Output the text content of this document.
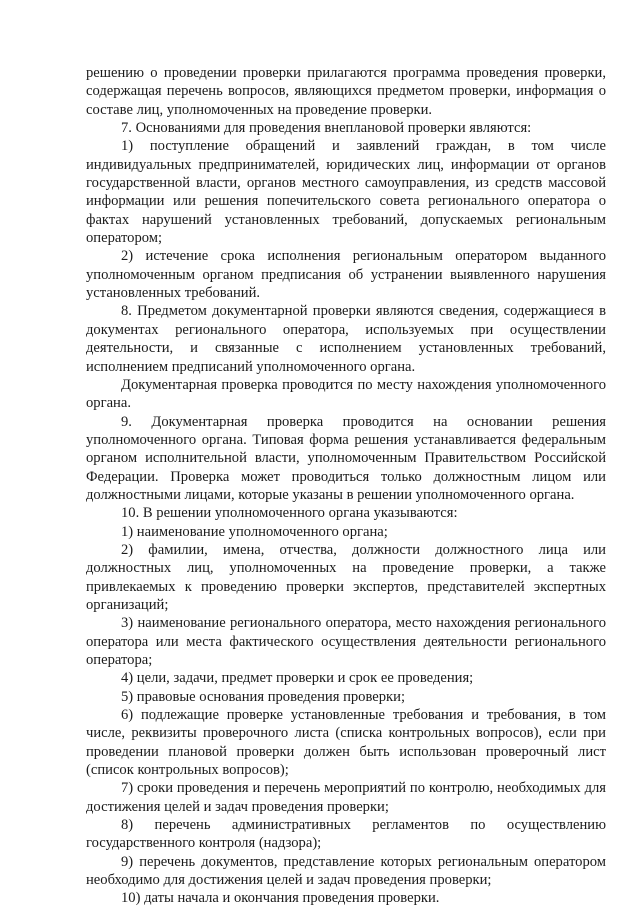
решению о проведении проверки прилагаются программа проведения проверки, содержащая перечень вопросов, являющихся предметом проверки, информация о составе лиц, уполномоченных на проведение проверки.

7. Основаниями для проведения внеплановой проверки являются:

1) поступление обращений и заявлений граждан, в том числе индивидуальных предпринимателей, юридических лиц, информации от органов государственной власти, органов местного самоуправления, из средств массовой информации или решения попечительского совета регионального оператора о фактах нарушений установленных требований, допускаемых региональным оператором;

2) истечение срока исполнения региональным оператором выданного уполномоченным органом предписания об устранении выявленного нарушения установленных требований.

8. Предметом документарной проверки являются сведения, содержащиеся в документах регионального оператора, используемых при осуществлении деятельности, и связанные с исполнением установленных требований, исполнением предписаний уполномоченного органа.

Документарная проверка проводится по месту нахождения уполномоченного органа.

9. Документарная проверка проводится на основании решения уполномоченного органа. Типовая форма решения устанавливается федеральным органом исполнительной власти, уполномоченным Правительством Российской Федерации. Проверка может проводиться только должностным лицом или должностными лицами, которые указаны в решении уполномоченного органа.

10. В решении уполномоченного органа указываются:

1) наименование уполномоченного органа;

2) фамилии, имена, отчества, должности должностного лица или должностных лиц, уполномоченных на проведение проверки, а также привлекаемых к проведению проверки экспертов, представителей экспертных организаций;

3) наименование регионального оператора, место нахождения регионального оператора или места фактического осуществления деятельности регионального оператора;

4) цели, задачи, предмет проверки и срок ее проведения;

5) правовые основания проведения проверки;

6) подлежащие проверке установленные требования и требования, в том числе, реквизиты проверочного листа (списка контрольных вопросов), если при проведении плановой проверки должен быть использован проверочный лист (список контрольных вопросов);

7) сроки проведения и перечень мероприятий по контролю, необходимых для достижения целей и задач проведения проверки;

8) перечень административных регламентов по осуществлению государственного контроля (надзора);

9) перечень документов, представление которых региональным оператором необходимо для достижения целей и задач проведения проверки;

10) даты начала и окончания проведения проверки.
